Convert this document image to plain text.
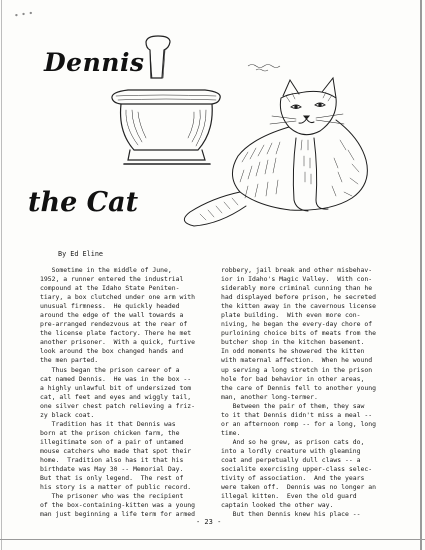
• • •
Dennis
the Cat
By Ed Eline

Sometime in the middle of June,

1952, a runner entered the industrial

compound at the Idaho State Peniten-

tiary, a box clutched under one arm with

unusual firmness.  He quickly headed

around the edge of the wall towards a

pre-arranged rendezvous at the rear of

the license plate factory. There he met

another prisoner.  With a quick, furtive

look around the box changed hands and

the men parted.

Thus began the prison career of a

cat named Dennis.  He was in the box --

a highly unlawful bit of undersized tom

cat, all feet and eyes and wiggly tail,

one silver chest patch relieving a friz-

zy black coat.

Tradition has it that Dennis was

born at the prison chicken farm, the

illegitimate son of a pair of untamed

mouse catchers who made that spot their

home.  Tradition also has it that his

birthdate was May 30 -- Memorial Day.

But that is only legend.  The rest of

his story is a matter of public record.

The prisoner who was the recipient

of the box-containing-kitten was a young

man just beginning a life term for armed

robbery, jail break and other misbehav-

ior in Idaho's Magic Valley.  With con-

siderably more criminal cunning than he

had displayed before prison, he secreted

the kitten away in the cavernous license

plate building.  With even more con-

niving, he began the every-day chore of

purloining choice bits of meats from the

butcher shop in the kitchen basement.

In odd moments he showered the kitten

with maternal affection.  When he wound

up serving a long stretch in the prison

hole for bad behavior in other areas,

the care of Dennis fell to another young

man, another long-termer.

Between the pair of them, they saw

to it that Dennis didn't miss a meal --

or an afternoon romp -- for a long, long

time.

And so he grew, as prison cats do,

into a lordly creature with gleaming

coat and perpetually dull claws -- a

socialite exercising upper-class selec-

tivity of association.  And the years

were taken off.  Dennis was no longer an

illegal kitten.  Even the old guard

captain looked the other way.

But then Dennis knew his place --

- 23 -
